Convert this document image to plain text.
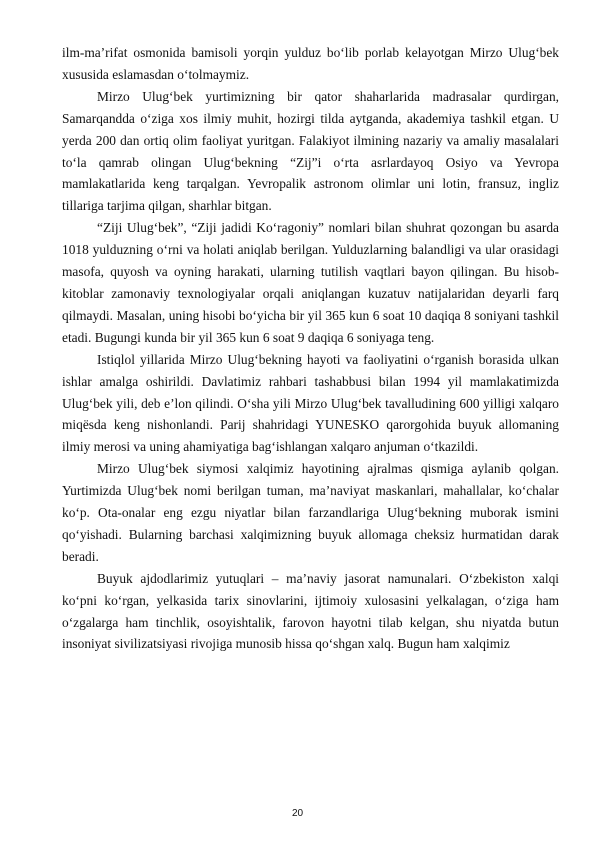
ilm-ma’rifat osmonida bamisoli yorqin yulduz bo‘lib porlab kelayotgan Mirzo Ulug‘bek xususida eslamasdan o‘tolmaymiz.

Mirzo Ulug‘bek yurtimizning bir qator shaharlarida madrasalar qurdirgan, Samarqandda o‘ziga xos ilmiy muhit, hozirgi tilda aytganda, akademiya tashkil etgan. U yerda 200 dan ortiq olim faoliyat yuritgan. Falakiyot ilmining nazariy va amaliy masalalari to‘la qamrab olingan Ulug‘bekning “Zij”i o‘rta asrlardayoq Osiyo va Yevropa mamlakatlarida keng tarqalgan. Yevropalik astronom olimlar uni lotin, fransuz, ingliz tillariga tarjima qilgan, sharhlar bitgan.

“Ziji Ulug‘bek”, “Ziji jadidi Ko‘ragoniy” nomlari bilan shuhrat qozongan bu asarda 1018 yulduzning o‘rni va holati aniqlab berilgan. Yulduzlarning balandligi va ular orasidagi masofa, quyosh va oyning harakati, ularning tutilish vaqtlari bayon qilingan. Bu hisob-kitoblar zamonaviy texnologiyalar orqali aniqlangan kuzatuv natijalaridan deyarli farq qilmaydi. Masalan, uning hisobi bo‘yicha bir yil 365 kun 6 soat 10 daqiqa 8 soniyani tashkil etadi. Bugungi kunda bir yil 365 kun 6 soat 9 daqiqa 6 soniyaga teng.

Istiqlol yillarida Mirzo Ulug‘bekning hayoti va faoliyatini o‘rganish borasida ulkan ishlar amalga oshirildi. Davlatimiz rahbari tashabbusi bilan 1994 yil mamlakatimizda Ulug‘bek yili, deb e’lon qilindi. O‘sha yili Mirzo Ulug‘bek tavalludining 600 yilligi xalqaro miqёsda keng nishonlandi. Parij shahridagi YUNESKO qarorgohida buyuk allomaning ilmiy merosi va uning ahamiyatiga bag‘ishlangan xalqaro anjuman o‘tkazildi.

Mirzo Ulug‘bek siymosi xalqimiz hayotining ajralmas qismiga aylanib qolgan. Yurtimizda Ulug‘bek nomi berilgan tuman, ma’naviyat maskanlari, mahallalar, ko‘chalar ko‘p. Ota-onalar eng ezgu niyatlar bilan farzandlariga Ulug‘bekning muborak ismini qo‘yishadi. Bularning barchasi xalqimizning buyuk allomaga cheksiz hurmatidan darak beradi.

Buyuk ajdodlarimiz yutuqlari – ma’naviy jasorat namunalari. O‘zbekiston xalqi ko‘pni ko‘rgan, yelkasida tarix sinovlarini, ijtimoiy xulosasini yelkalagan, o‘ziga ham o‘zgalarga ham tinchlik, osoyishtalik, farovon hayotni tilab kelgan, shu niyatda butun insoniyat sivilizatsiyasi rivojiga munosib hissa qo‘shgan xalq. Bugun ham xalqimiz

20
